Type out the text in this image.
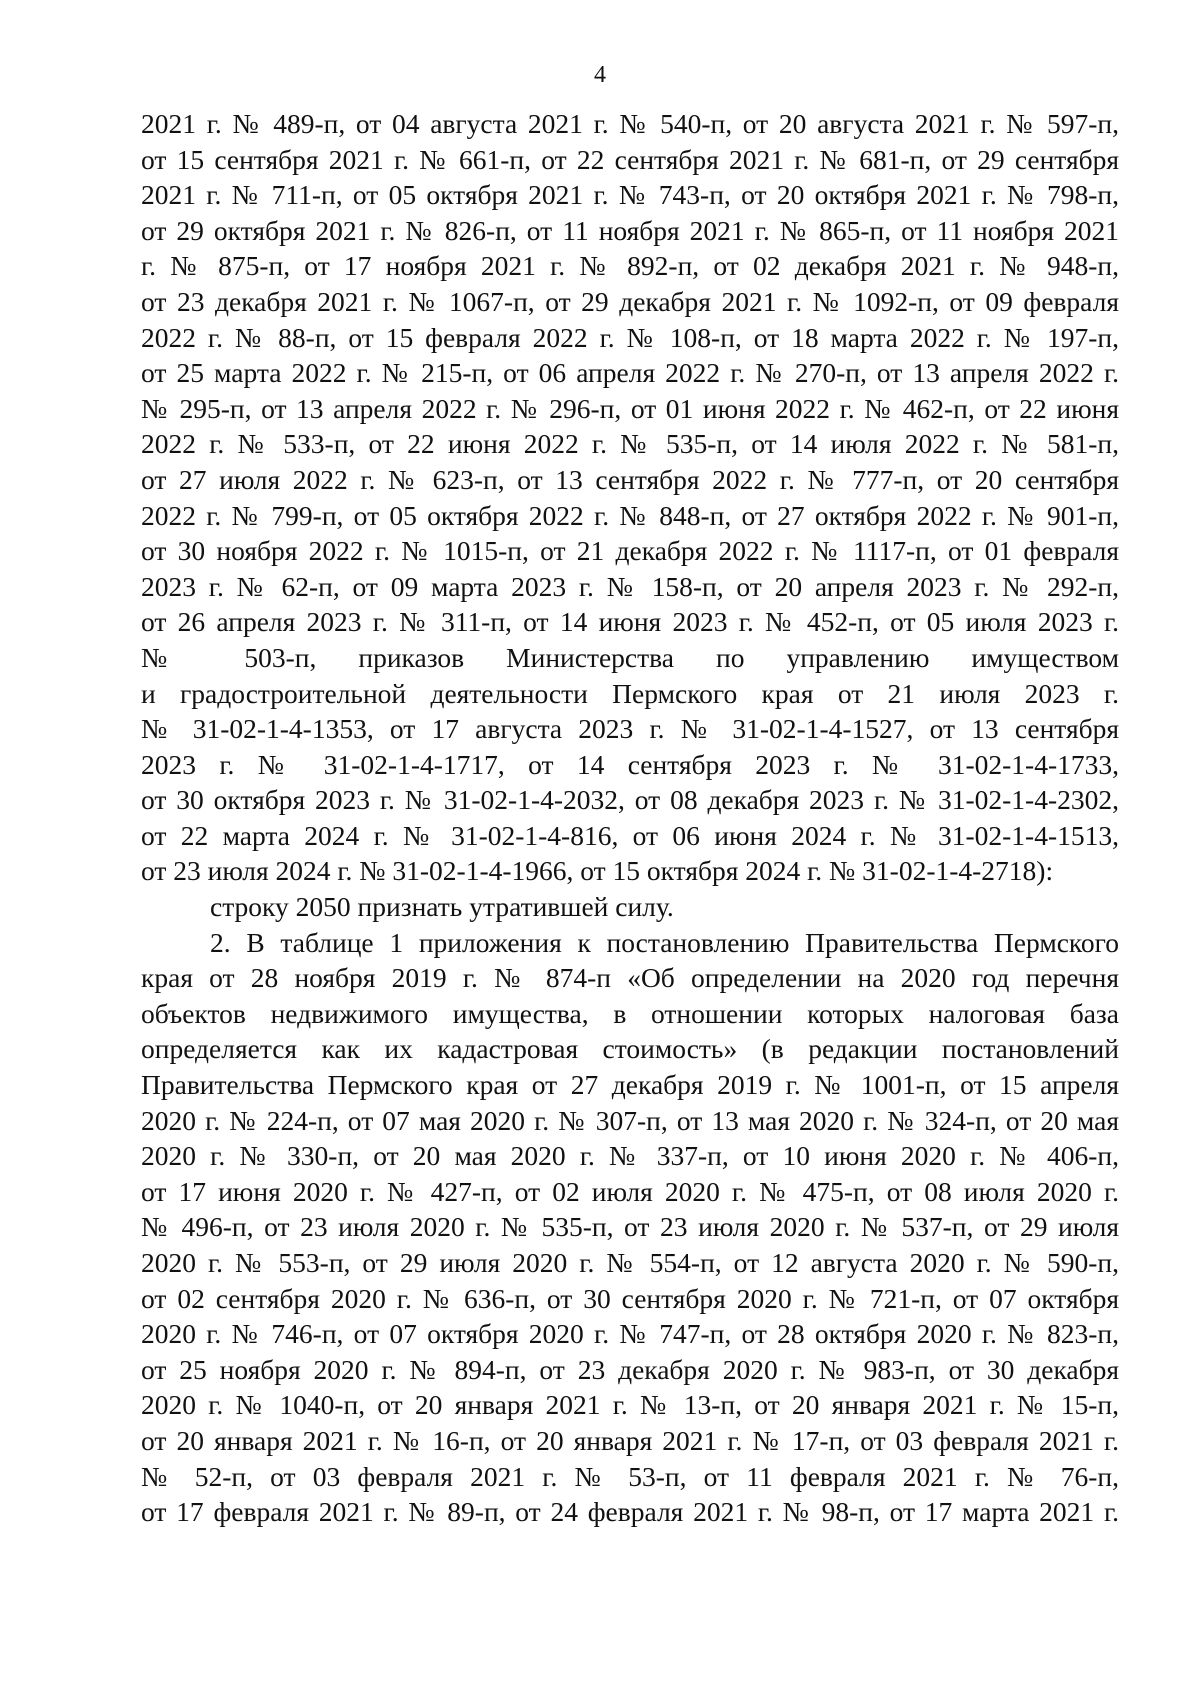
4
2021 г. № 489-п, от 04 августа 2021 г. № 540-п, от 20 августа 2021 г. № 597-п,
от 15 сентября 2021 г. № 661-п, от 22 сентября 2021 г. № 681-п, от 29 сентября
2021 г. № 711-п, от 05 октября 2021 г. № 743-п, от 20 октября 2021 г. № 798-п,
от 29 октября 2021 г. № 826-п, от 11 ноября 2021 г. № 865-п, от 11 ноября 2021
г. № 875-п, от 17 ноября 2021 г. № 892-п, от 02 декабря 2021 г. № 948-п,
от 23 декабря 2021 г. № 1067-п, от 29 декабря 2021 г. № 1092-п, от 09 февраля
2022 г. № 88-п, от 15 февраля 2022 г. № 108-п, от 18 марта 2022 г. № 197-п,
от 25 марта 2022 г. № 215-п, от 06 апреля 2022 г. № 270-п, от 13 апреля 2022 г.
№ 295-п, от 13 апреля 2022 г. № 296-п, от 01 июня 2022 г. № 462-п, от 22 июня
2022 г. № 533-п, от 22 июня 2022 г. № 535-п, от 14 июля 2022 г. № 581-п,
от 27 июля 2022 г. № 623-п, от 13 сентября 2022 г. № 777-п, от 20 сентября
2022 г. № 799-п, от 05 октября 2022 г. № 848-п, от 27 октября 2022 г. № 901-п,
от 30 ноября 2022 г. № 1015-п, от 21 декабря 2022 г. № 1117-п, от 01 февраля
2023 г. № 62-п, от 09 марта 2023 г. № 158-п, от 20 апреля 2023 г. № 292-п,
от 26 апреля 2023 г. № 311-п, от 14 июня 2023 г. № 452-п, от 05 июля 2023 г.
№ 503-п, приказов Министерства по управлению имуществом
и градостроительной деятельности Пермского края от 21 июля 2023 г.
№ 31-02-1-4-1353, от 17 августа 2023 г. № 31-02-1-4-1527, от 13 сентября
2023 г. № 31-02-1-4-1717, от 14 сентября 2023 г. № 31-02-1-4-1733,
от 30 октября 2023 г. № 31-02-1-4-2032, от 08 декабря 2023 г. № 31-02-1-4-2302,
от 22 марта 2024 г. № 31-02-1-4-816, от 06 июня 2024 г. № 31-02-1-4-1513,
от 23 июля 2024 г. № 31-02-1-4-1966, от 15 октября 2024 г. № 31-02-1-4-2718):
строку 2050 признать утратившей силу.
2. В таблице 1 приложения к постановлению Правительства Пермского
края от 28 ноября 2019 г. № 874-п «Об определении на 2020 год перечня
объектов недвижимого имущества, в отношении которых налоговая база
определяется как их кадастровая стоимость» (в редакции постановлений
Правительства Пермского края от 27 декабря 2019 г. № 1001-п, от 15 апреля
2020 г. № 224-п, от 07 мая 2020 г. № 307-п, от 13 мая 2020 г. № 324-п, от 20 мая
2020 г. № 330-п, от 20 мая 2020 г. № 337-п, от 10 июня 2020 г. № 406-п,
от 17 июня 2020 г. № 427-п, от 02 июля 2020 г. № 475-п, от 08 июля 2020 г.
№ 496-п, от 23 июля 2020 г. № 535-п, от 23 июля 2020 г. № 537-п, от 29 июля
2020 г. № 553-п, от 29 июля 2020 г. № 554-п, от 12 августа 2020 г. № 590-п,
от 02 сентября 2020 г. № 636-п, от 30 сентября 2020 г. № 721-п, от 07 октября
2020 г. № 746-п, от 07 октября 2020 г. № 747-п, от 28 октября 2020 г. № 823-п,
от 25 ноября 2020 г. № 894-п, от 23 декабря 2020 г. № 983-п, от 30 декабря
2020 г. № 1040-п, от 20 января 2021 г. № 13-п, от 20 января 2021 г. № 15-п,
от 20 января 2021 г. № 16-п, от 20 января 2021 г. № 17-п, от 03 февраля 2021 г.
№ 52-п, от 03 февраля 2021 г. № 53-п, от 11 февраля 2021 г. № 76-п,
от 17 февраля 2021 г. № 89-п, от 24 февраля 2021 г. № 98-п, от 17 марта 2021 г.
